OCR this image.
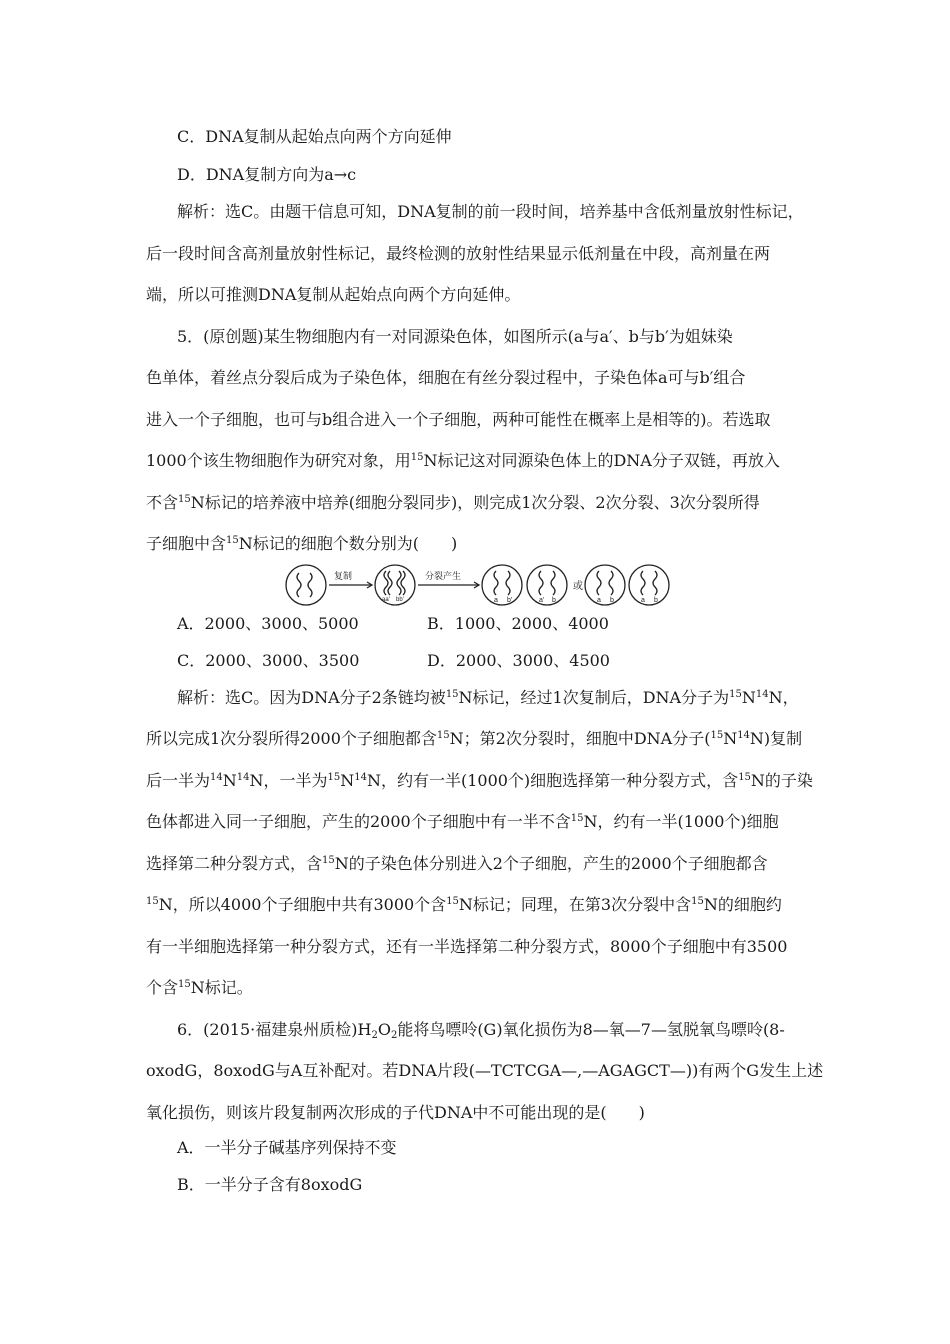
C．DNA复制从起始点向两个方向延伸
D．DNA复制方向为a→c
解析：选C。由题干信息可知，DNA复制的前一段时间，培养基中含低剂量放射性标记，
后一段时间含高剂量放射性标记，最终检测的放射性结果显示低剂量在中段，高剂量在两
端，所以可推测DNA复制从起始点向两个方向延伸。
5．(原创题)某生物细胞内有一对同源染色体，如图所示(a与a′、b与b′为姐妹染
色单体，着丝点分裂后成为子染色体，细胞在有丝分裂过程中，子染色体a可与b′组合
进入一个子细胞，也可与b组合进入一个子细胞，两种可能性在概率上是相等的)。若选取
1000个该生物细胞作为研究对象，用$^{15}$N标记这对同源染色体上的DNA分子双链，再放入
不含$^{15}$N标记的培养液中培养(细胞分裂同步)，则完成1次分裂、2次分裂、3次分裂所得
子细胞中含$^{15}$N标记的细胞个数分别为(　　)
复制	分裂产生
或
aa' bb'	a b'	a' b	a b	a b
A．2000、3000、5000	B．1000、2000、4000
C．2000、3000、3500	D．2000、3000、4500
解析：选C。因为DNA分子2条链均被$^{15}$N标记，经过1次复制后，DNA分子为$^{15}N^{14}N$，
所以完成1次分裂所得2000个子细胞都含$^{15}$N；第2次分裂时，细胞中DNA分子$(^{15}N^{14}N)$复制
后一半为$^{14}N^{14}N$，一半为$^{15}N^{14}N$，约有一半(1000个)细胞选择第一种分裂方式，含$^{15}$N的子染
色体都进入同一子细胞，产生的2000个子细胞中有一半不含$^{15}$N，约有一半(1000个)细胞
选择第二种分裂方式，含$^{15}$N的子染色体分别进入2个子细胞，产生的2000个子细胞都含
$^{15}$N，所以4000个子细胞中共有3000个含$^{15}$N标记；同理，在第3次分裂中含$^{15}$N的细胞约
有一半细胞选择第一种分裂方式，还有一半选择第二种分裂方式，8000个子细胞中有3500
个含$^{15}$N标记。
6．(2015·福建泉州质检)$H_2O_2$能将鸟嘌呤(G)氧化损伤为8—氧—7—氢脱氧鸟嘌呤(8-
oxodG，8oxodG与A互补配对。若DNA片段(—TCTCGA—,—AGAGCT—))有两个G发生上述
氧化损伤，则该片段复制两次形成的子代DNA中不可能出现的是(　　)
A．一半分子碱基序列保持不变
B．一半分子含有8oxodG
